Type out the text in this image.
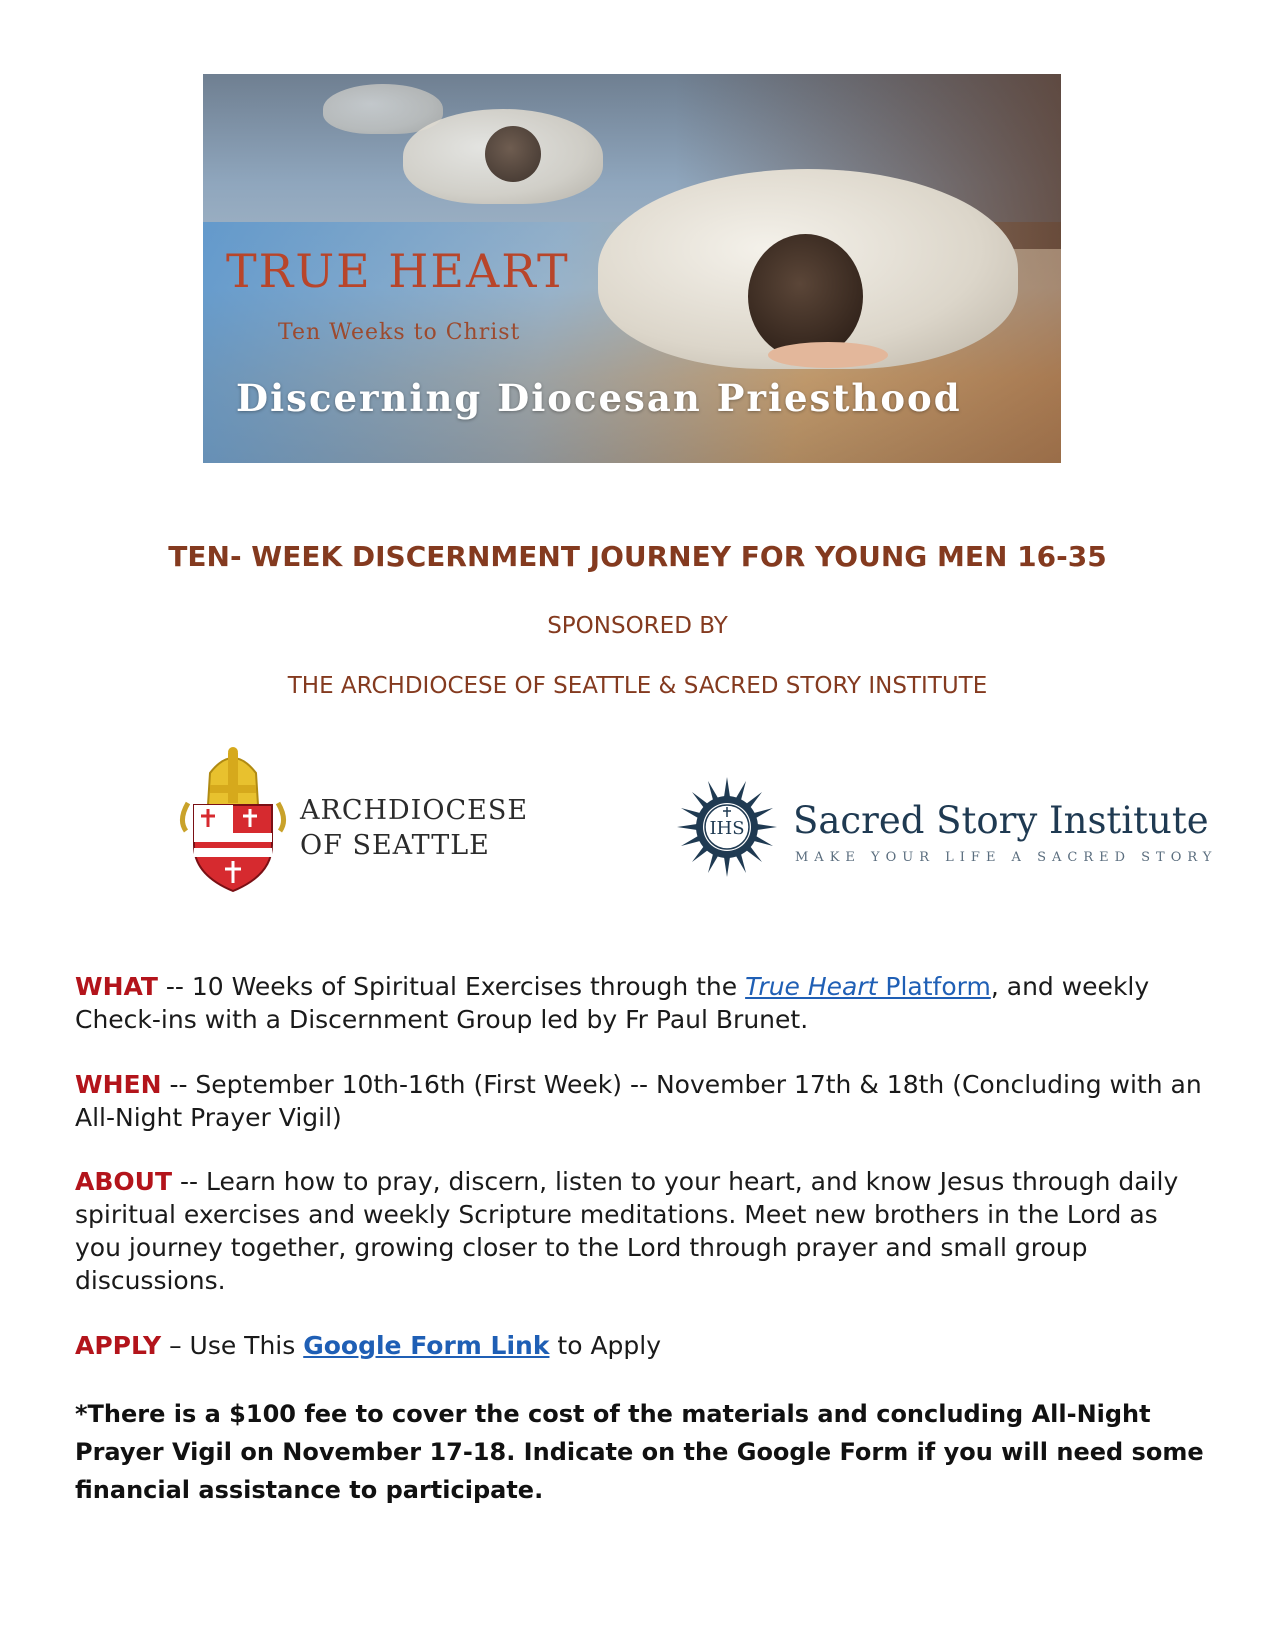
TRUE HEART

Ten Weeks to Christ

Discerning Diocesan Priesthood

TEN- WEEK DISCERNMENT JOURNEY FOR YOUNG MEN 16-35

SPONSORED BY

THE ARCHDIOCESE OF SEATTLE & SACRED STORY INSTITUTE

ARCHDIOCESE

OF SEATTLE

IHS Sacred Story Institute

MAKE YOUR LIFE A SACRED STORY

WHAT -- 10 Weeks of Spiritual Exercises through the True Heart Platform, and weekly Check-ins with a Discernment Group led by Fr Paul Brunet.

WHEN -- September 10th-16th (First Week) -- November 17th & 18th (Concluding with an All-Night Prayer Vigil)

ABOUT -- Learn how to pray, discern, listen to your heart, and know Jesus through daily spiritual exercises and weekly Scripture meditations. Meet new brothers in the Lord as you journey together, growing closer to the Lord through prayer and small group discussions.

APPLY – Use This Google Form Link to Apply

*There is a $100 fee to cover the cost of the materials and concluding All-Night Prayer Vigil on November 17-18. Indicate on the Google Form if you will need some financial assistance to participate.
